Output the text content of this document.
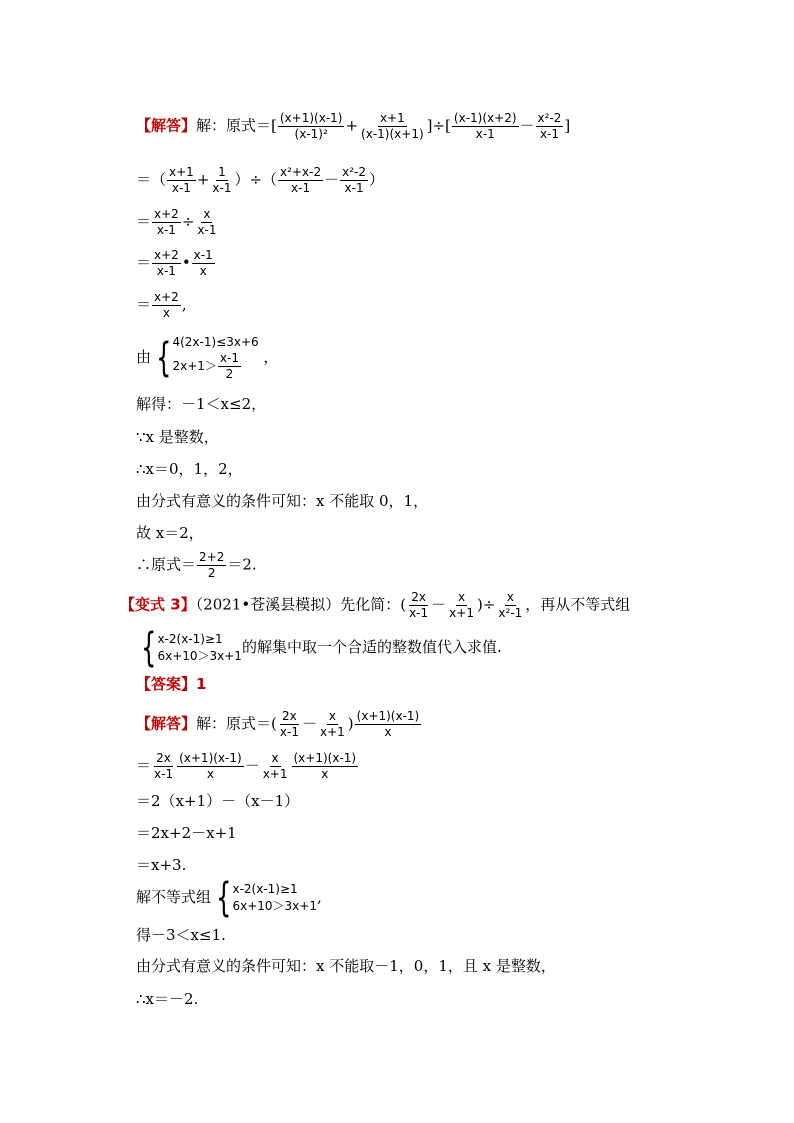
【解答】解：原式＝[ $\frac{(x+1)(x-1)}{\text{(x-1)²}} + \frac{x+1}{(x-1)(x+1)}$ ]÷[ $\frac{(x-1)(x+2)}{x-1} - \frac{\text{x²-2}}{x-1}$ ]
＝（ $\frac{x+1}{x-1} + \frac{1}{x-1}$ ）÷（ $\frac{\text{x²+x-2}}{x-1} - \frac{\text{x²-2}}{x-1}$ ）
＝ $\frac{x+2}{x-1} \div \frac{x}{x-1}$
＝ $\frac{x+2}{x-1}$ • $\frac{x-1}{x}$
＝ $\frac{x+2}{x}$ ,
由 { 4(2x-1)≤3x+6
$2x+1> \frac{x-1}{2}$ ，
解得：－1＜x≤2，
∵x 是整数，
∴x＝0，1，2，
由分式有意义的条件可知：x 不能取 0，1，
故 x＝2，
∴原式＝ $\frac{2+2}{2} =2$.
【变式 3】（2021•苍溪县模拟）先化简：( $\frac{2x}{x-1} - \frac{x}{x+1}$ )÷ $\frac{x}{\text{x²-1}}$ ，再从不等式组
{ x-2(x-1)≥1
6x+10＞3x+1 的解集中取一个合适的整数值代入求值.
【答案】1
【解答】解：原式＝( $\frac{2x}{x-1} - \frac{x}{x+1}$ ) $\frac{(x+1)(x-1)}{x}$
＝ $\frac{2x}{x-1} \frac{(x+1)(x-1)}{x} - \frac{x}{x+1} \frac{(x+1)(x-1)}{x}$
＝2（x+1）－（x－1）
＝2x+2－x+1
＝x+3.
解不等式组 { x-2(x-1)≥1
6x+10＞3x+1 ,
得－3＜x≤1.
由分式有意义的条件可知：x 不能取－1，0，1，且 x 是整数，
∴x＝－2.
